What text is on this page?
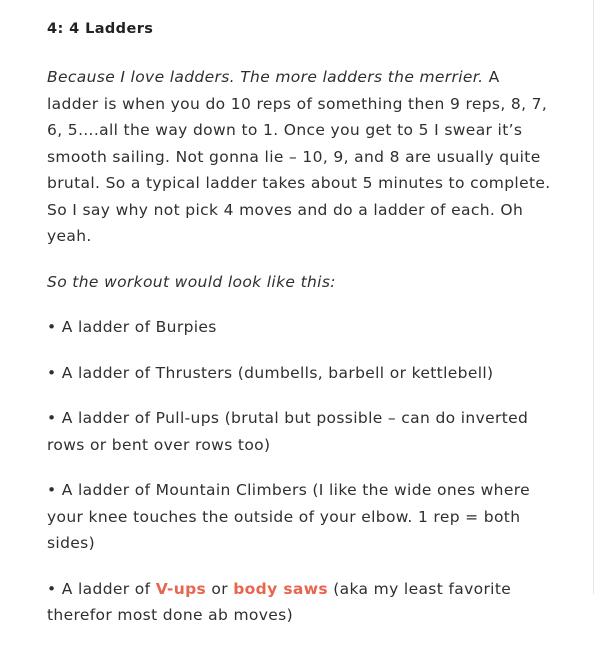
4: 4 Ladders

Because I love ladders. The more ladders the merrier. A ladder is when you do 10 reps of something then 9 reps, 8, 7, 6, 5….all the way down to 1. Once you get to 5 I swear it’s smooth sailing. Not gonna lie – 10, 9, and 8 are usually quite brutal. So a typical ladder takes about 5 minutes to complete. So I say why not pick 4 moves and do a ladder of each. Oh yeah.

So the workout would look like this:

• A ladder of Burpies

• A ladder of Thrusters (dumbells, barbell or kettlebell)

• A ladder of Pull-ups (brutal but possible – can do inverted rows or bent over rows too)

• A ladder of Mountain Climbers (I like the wide ones where your knee touches the outside of your elbow. 1 rep = both sides)

• A ladder of V-ups or body saws (aka my least favorite therefor most done ab moves)
